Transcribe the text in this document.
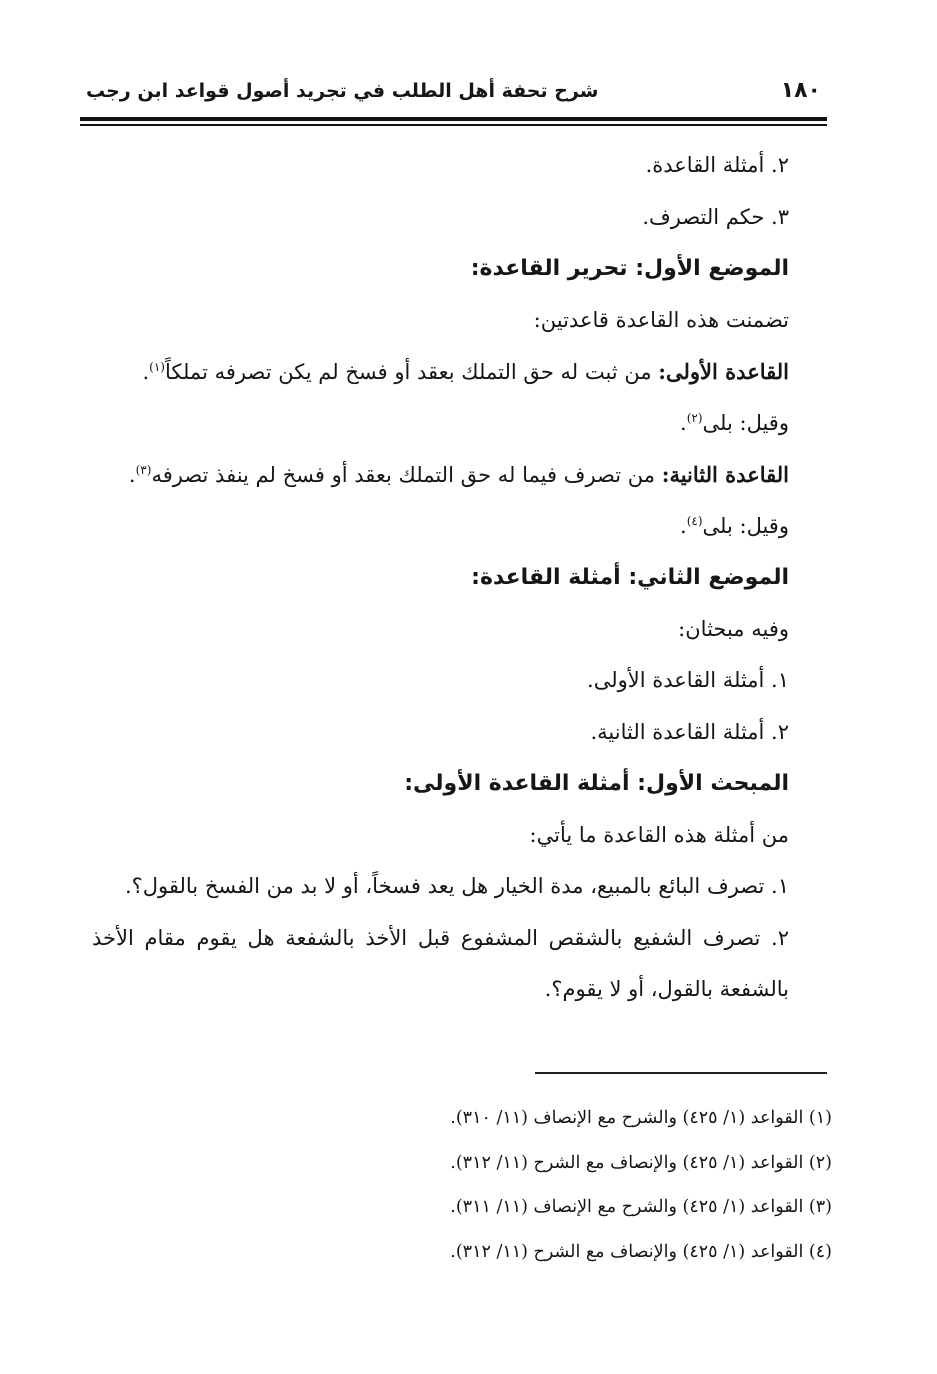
١٨٠
شرح تحفة أهل الطلب في تجريد أصول قواعد ابن رجب
٢. أمثلة القاعدة.
٣. حكم التصرف.
الموضع الأول: تحرير القاعدة:
تضمنت هذه القاعدة قاعدتين:
القاعدة الأولى: من ثبت له حق التملك بعقد أو فسخ لم يكن تصرفه تملكاً$^{(١)}$.
وقيل: بلى$^{(٢)}$.
القاعدة الثانية: من تصرف فيما له حق التملك بعقد أو فسخ لم ينفذ تصرفه$^{(٣)}$.
وقيل: بلى$^{(٤)}$.
الموضع الثاني: أمثلة القاعدة:
وفيه مبحثان:
١. أمثلة القاعدة الأولى.
٢. أمثلة القاعدة الثانية.
المبحث الأول: أمثلة القاعدة الأولى:
من أمثلة هذه القاعدة ما يأتي:
١. تصرف البائع بالمبيع، مدة الخيار هل يعد فسخاً، أو لا بد من الفسخ بالقول؟.
٢. تصرف الشفيع بالشقص المشفوع قبل الأخذ بالشفعة هل يقوم مقام الأخذ
بالشفعة بالقول، أو لا يقوم؟.
(١) القواعد (١/ ٤٢٥) والشرح مع الإنصاف (١١/ ٣١٠).
(٢) القواعد (١/ ٤٢٥) والإنصاف مع الشرح (١١/ ٣١٢).
(٣) القواعد (١/ ٤٢٥) والشرح مع الإنصاف (١١/ ٣١١).
(٤) القواعد (١/ ٤٢٥) والإنصاف مع الشرح (١١/ ٣١٢).
